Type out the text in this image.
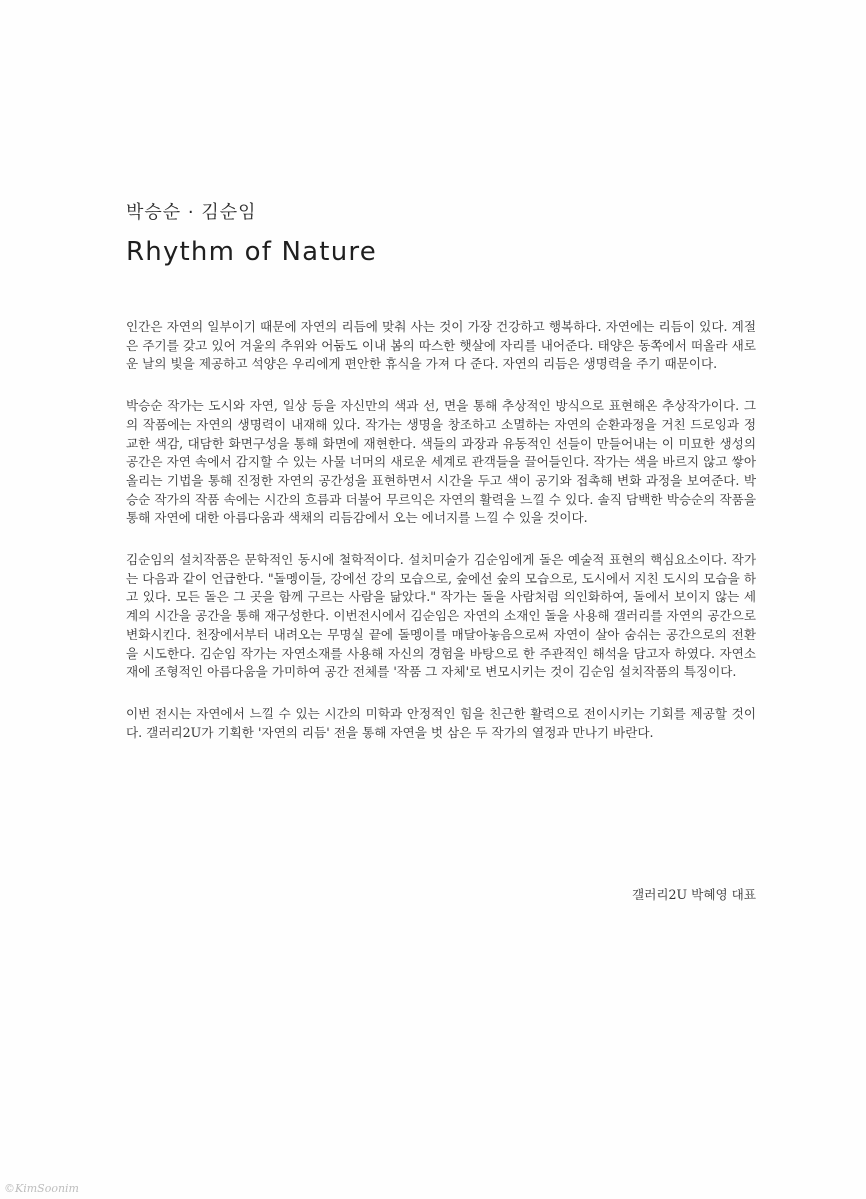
박승순 · 김순임

Rhythm of Nature

인간은 자연의 일부이기 때문에 자연의 리듬에 맞춰 사는 것이 가장 건강하고 행복하다. 자연에는 리듬이 있다. 계절은 주기를 갖고 있어 겨울의 추위와 어둠도 이내 봄의 따스한 햇살에 자리를 내어준다. 태양은 동쪽에서 떠올라 새로운 날의 빛을 제공하고 석양은 우리에게 편안한 휴식을 가져 다 준다. 자연의 리듬은 생명력을 주기 때문이다.

박승순 작가는 도시와 자연, 일상 등을 자신만의 색과 선, 면을 통해 추상적인 방식으로 표현해온 추상작가이다. 그의 작품에는 자연의 생명력이 내재해 있다. 작가는 생명을 창조하고 소멸하는 자연의 순환과정을 거친 드로잉과 정교한 색감, 대담한 화면구성을 통해 화면에 재현한다. 색들의 과장과 유동적인 선들이 만들어내는 이 미묘한 생성의 공간은 자연 속에서 감지할 수 있는 사물 너머의 새로운 세계로 관객들을 끌어들인다. 작가는 색을 바르지 않고 쌓아올리는 기법을 통해 진정한 자연의 공간성을 표현하면서 시간을 두고 색이 공기와 접촉해 변화 과정을 보여준다. 박승순 작가의 작품 속에는 시간의 흐름과 더불어 무르익은 자연의 활력을 느낄 수 있다. 솔직 담백한 박승순의 작품을 통해 자연에 대한 아름다움과 색채의 리듬감에서 오는 에너지를 느낄 수 있을 것이다.

김순임의 설치작품은 문학적인 동시에 철학적이다. 설치미술가 김순임에게 돌은 예술적 표현의 핵심요소이다. 작가는 다음과 같이 언급한다. "돌멩이들, 강에선 강의 모습으로, 숲에선 숲의 모습으로, 도시에서 지친 도시의 모습을 하고 있다. 모든 돌은 그 곳을 함께 구르는 사람을 닮았다." 작가는 돌을 사람처럼 의인화하여, 돌에서 보이지 않는 세계의 시간을 공간을 통해 재구성한다. 이번전시에서 김순임은 자연의 소재인 돌을 사용해 갤러리를 자연의 공간으로 변화시킨다. 천장에서부터 내려오는 무명실 끝에 돌멩이를 매달아놓음으로써 자연이 살아 숨쉬는 공간으로의 전환을 시도한다. 김순임 작가는 자연소재를 사용해 자신의 경험을 바탕으로 한 주관적인 해석을 담고자 하였다. 자연소재에 조형적인 아름다움을 가미하여 공간 전체를 '작품 그 자체'로 변모시키는 것이 김순임 설치작품의 특징이다.

이번 전시는 자연에서 느낄 수 있는 시간의 미학과 안정적인 힘을 친근한 활력으로 전이시키는 기회를 제공할 것이다. 갤러리2U가 기획한 '자연의 리듬' 전을 통해 자연을 벗 삼은 두 작가의 열정과 만나기 바란다.

갤러리2U 박혜영 대표
©KimSoonim
